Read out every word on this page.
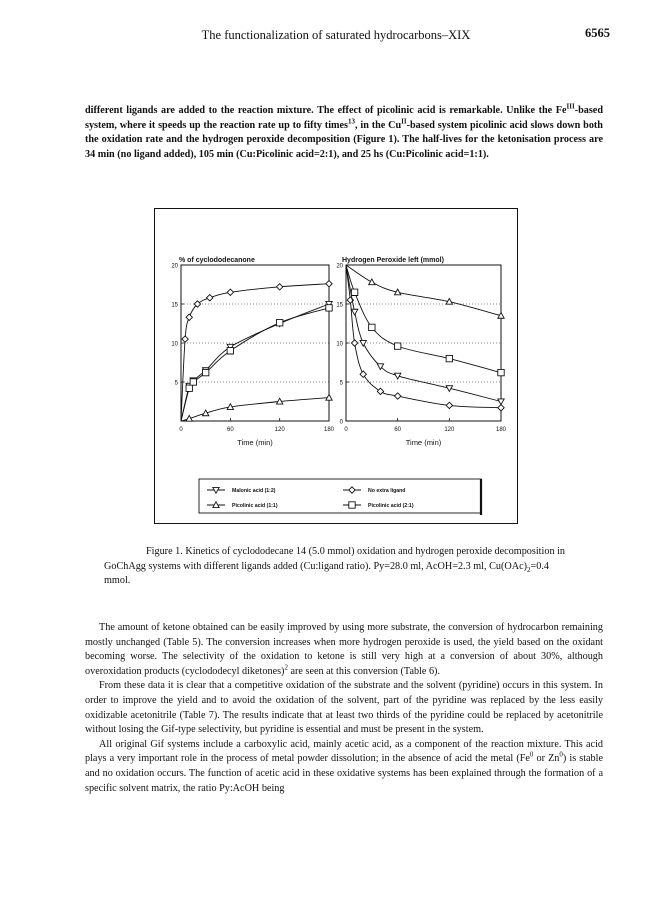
The functionalization of saturated hydrocarbons–XIX	6565

different ligands are added to the reaction mixture. The effect of picolinic acid is remarkable. Unlike the $Fe^{III}$-based system, where it speeds up the reaction rate up to fifty times$^{13}$, in the $Cu^{II}$-based system picolinic acid slows down both the oxidation rate and the hydrogen peroxide decomposition (Figure 1). The half-lives for the ketonisation process are 34 min (no ligand added), 105 min (Cu:Picolinic acid=2:1), and 25 hs (Cu:Picolinic acid=1:1).

5
10
15
20
0	60	120	180
% of cyclododecanone
Time (min)
0
5
10
15
20
0	60	120	180
Hydrogen Peroxide left (mmol)
Time (min)
Malonic acid (1:2)	No extra ligand
Picolinic acid (1:1)	Picolinic acid (2:1)
Figure 1. Kinetics of cyclododecane 14 (5.0 mmol) oxidation and hydrogen peroxide decomposition in GoChAgg systems with different ligands added (Cu:ligand ratio). Py=28.0 ml, AcOH=2.3 ml, $Cu(OAc)_2=0.4$ mmol.

The amount of ketone obtained can be easily improved by using more substrate, the conversion of hydrocarbon remaining mostly unchanged (Table 5). The conversion increases when more hydrogen peroxide is used, the yield based on the oxidant becoming worse. The selectivity of the oxidation to ketone is still very high at a conversion of about 30%, although overoxidation products (cyclododecyl diketones)$^2$ are seen at this conversion (Table 6).

From these data it is clear that a competitive oxidation of the substrate and the solvent (pyridine) occurs in this system. In order to improve the yield and to avoid the oxidation of the solvent, part of the pyridine was replaced by the less easily oxidizable acetonitrile (Table 7). The results indicate that at least two thirds of the pyridine could be replaced by acetonitrile without losing the Gif-type selectivity, but pyridine is essential and must be present in the system.

All original Gif systems include a carboxylic acid, mainly acetic acid, as a component of the reaction mixture. This acid plays a very important role in the process of metal powder dissolution; in the absence of acid the metal (Fe$^0$ or Zn$^0$) is stable and no oxidation occurs. The function of acetic acid in these oxidative systems has been explained through the formation of a specific solvent matrix, the ratio Py:AcOH being
